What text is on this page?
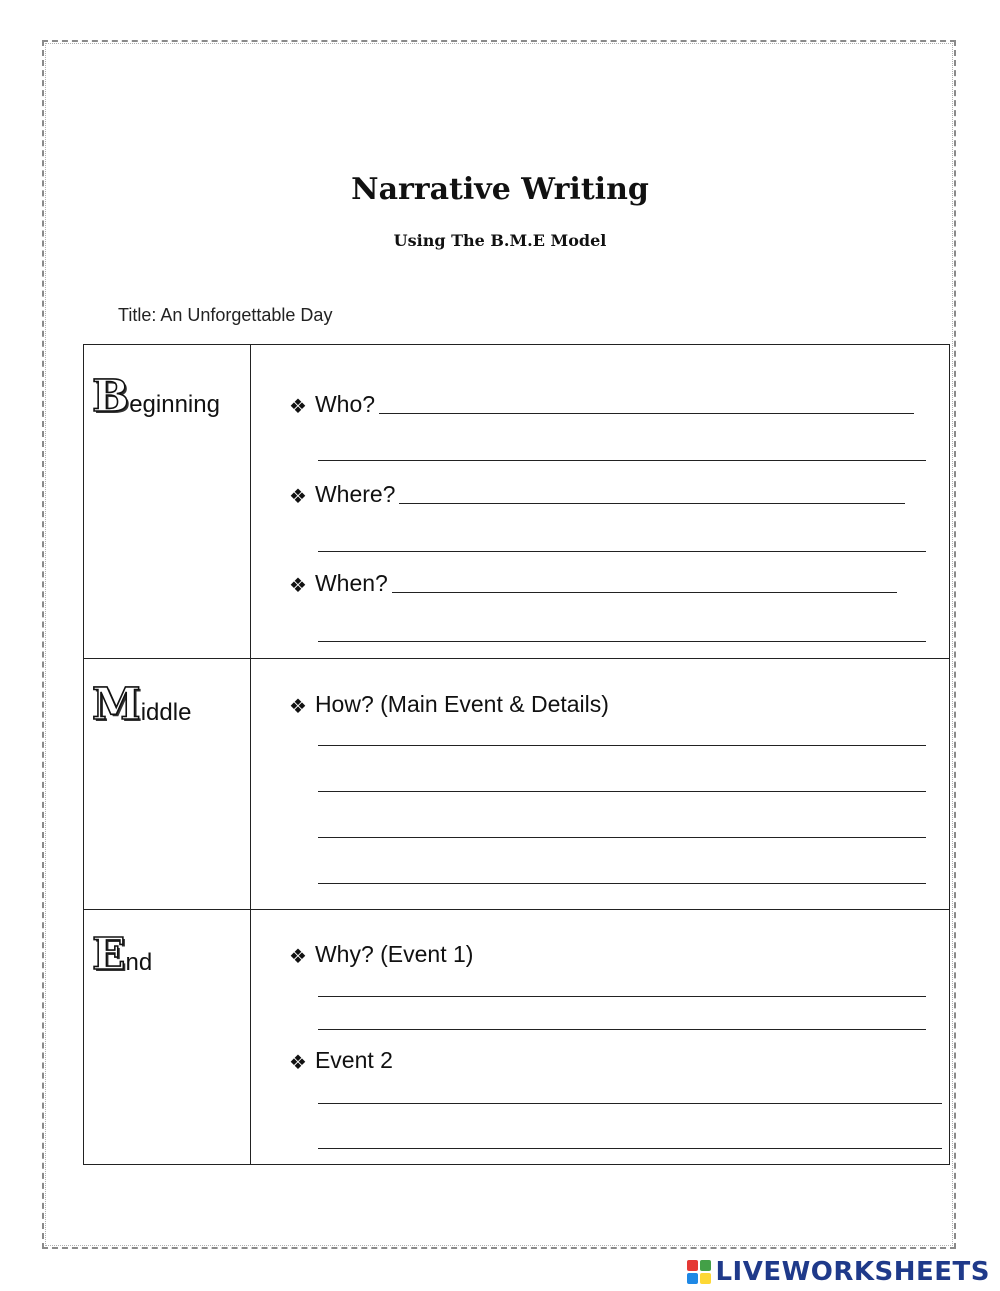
Narrative Writing
Using The B.M.E Model
Title: An Unforgettable Day
B eginning	❖ Who?
❖ Where?
❖ When?
M iddle	❖ How? (Main Event & Details)
E nd	❖ Why? (Event 1)
❖ Event 2
LIVEWORKSHEETS
